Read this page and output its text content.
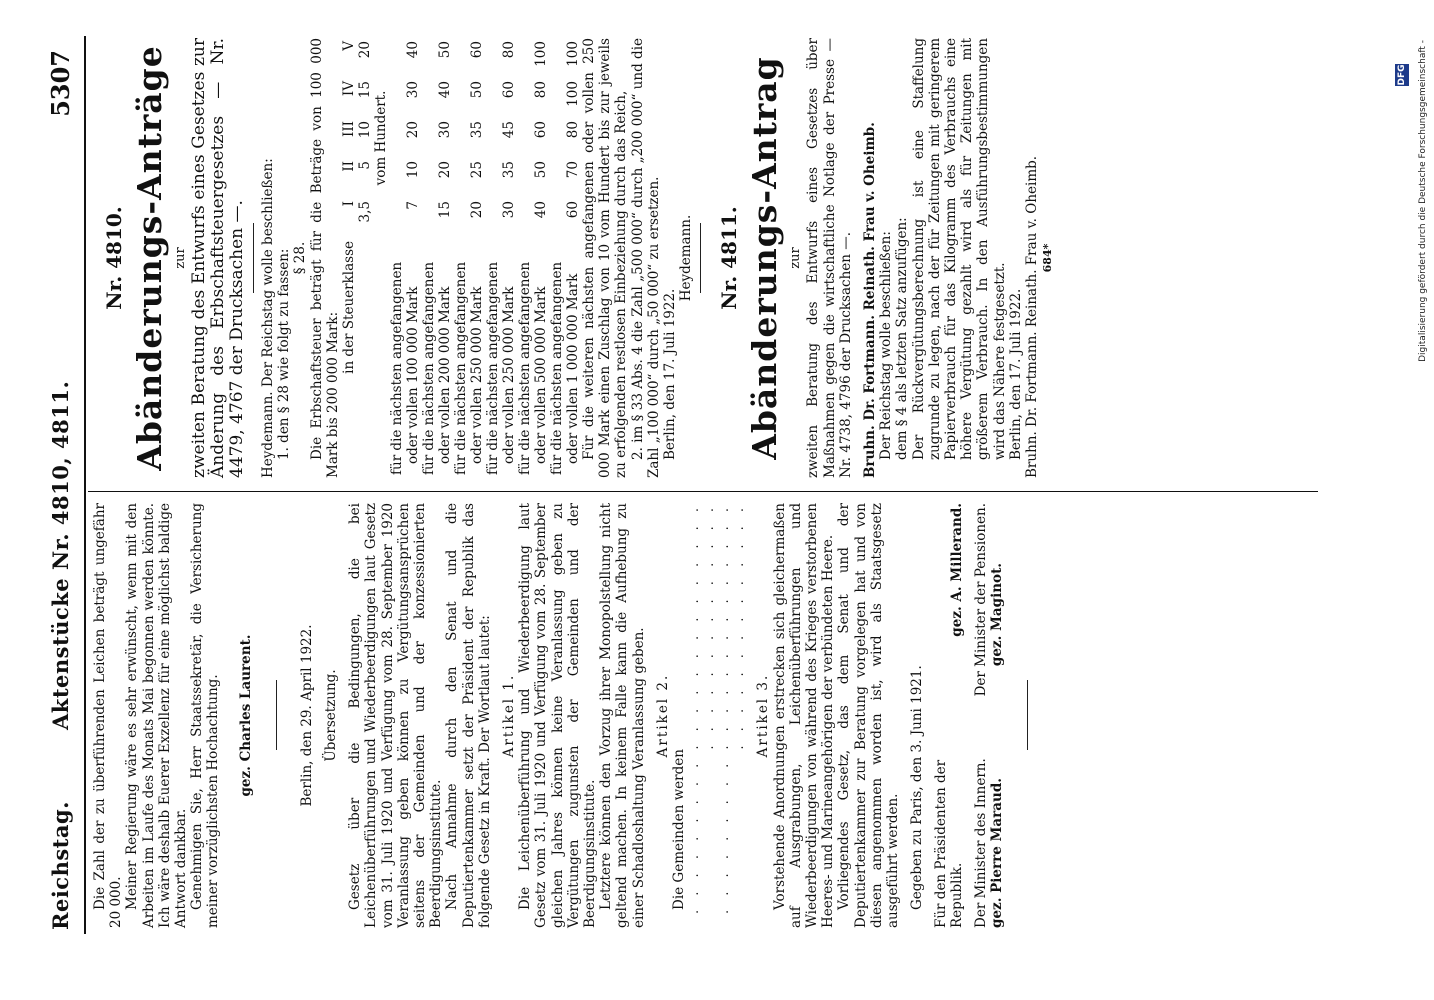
Reichstag.
Aktenstücke Nr. 4810, 4811.
5307

Die Zahl der zu überführenden Leichen beträgt ungefähr 20 000. Meiner Regierung wäre es sehr erwünscht, wenn mit den Arbeiten im Laufe des Monats Mai begonnen werden könnte. Ich wäre deshalb Euerer Exzellenz für eine möglichst baldige Antwort dankbar. Genehmigen Sie, Herr Staatssekretär, die Versicherung meiner vorzüglichsten Hochachtung. gez. Charles Laurent.	Berlin, den 29. April 1922. Übersetzung. Gesetz über die Bedingungen, die bei Leichenüberführungen und Wiederbeerdigungen laut Gesetz vom 31. Juli 1920 und Verfügung vom 28. September 1920 Veranlassung geben können zu Vergütungsansprüchen seitens der Gemeinden und der konzessionierten Beerdigungsinstitute. Nach Annahme durch den Senat und die Deputiertenkammer setzt der Präsident der Republik das folgende Gesetz in Kraft. Der Wortlaut lautet: Artikel 1. Die Leichenüberführung und Wiederbeerdigung laut Gesetz vom 31. Juli 1920 und Verfügung vom 28. September gleichen Jahres können keine Veranlassung geben zu Vergütungen zugunsten der Gemeinden und der Beerdigungsinstitute. Letztere können den Vorzug ihrer Monopolstellung nicht geltend machen. In keinem Falle kann die Aufhebung zu einer Schadloshaltung Veranlassung geben. Artikel 2.

Die Gemeinden werden . . . . . . . . . . . . . . . . . . . . . . . . . . . . . . . . . . . . . . . . . . . . . . . . . . . . . . . . . . . . . . . . . . . . . . . . . . Artikel 3. Vorstehende Anordnungen erstrecken sich gleichermaßen auf Ausgrabungen, Leichenüberführungen und Wiederbeerdigungen von während des Krieges verstorbenen Heeres- und Marineangehörigen der verbündeten Heere. Vorliegendes Gesetz, das dem Senat und der Deputiertenkammer zur Beratung vorgelegen hat und von diesen angenommen worden ist, wird als Staatsgesetz ausgeführt werden. Gegeben zu Paris, den 3. Juni 1921. Für den Präsidenten der Republik.
gez. A. Millerand.
Der Minister des Innern.
Der Minister der Pensionen.
gez. Pierre Maraud.
gez. Maginot.
Nr. 4810. Abänderungs-Anträge zur zweiten Beratung des Entwurfs eines Gesetzes zur Änderung des Erbschaftsteuergesetzes — Nr. 4479, 4767 der Drucksachen —. Heydemann. Der Reichstag wolle beschließen: 1. den § 28 wie folgt zu fassen: § 28. Die Erbschaftsteuer beträgt für die Beträge von 100 000 Mark bis 200 000 Mark:

in der Steuerklasse	I	II	III	IV	V
	3,5	5	10	15	20
	vom Hundert.				
für die nächsten angefangenen					
oder vollen 100 000 Mark	7	10	20	30	40
für die nächsten angefangenen					
oder vollen 200 000 Mark	15	20	30	40	50
für die nächsten angefangenen					
oder vollen 250 000 Mark	20	25	35	50	60
für die nächsten angefangenen					
oder vollen 250 000 Mark	30	35	45	60	80
für die nächsten angefangenen					
oder vollen 500 000 Mark	40	50	60	80	100
für die nächsten angefangenen					
oder vollen 1 000 000 Mark	60	70	80	100	100 Für die weiteren nächsten angefangenen oder vollen 250 000 Mark einen Zuschlag von 10 vom Hundert bis zur jeweils zu erfolgenden restlosen Einbeziehung durch das Reich, 2. im § 33 Abs. 4 die Zahl „500 000“ durch „200 000“ und die Zahl „100 000“ durch „50 000“ zu ersetzen. Berlin, den 17. Juli 1922.

Heydemann. Nr. 4811. Abänderungs-Antrag zur zweiten Beratung des Entwurfs eines Gesetzes über Maßnahmen gegen die wirtschaftliche Notlage der Presse — Nr. 4738, 4796 der Drucksachen —. Bruhn. Dr. Fortmann. Reinath. Frau v. Oheimb. Der Reichstag wolle beschließen: dem § 4 als letzten Satz anzufügen: Der Rückvergütungsberechnung ist eine Staffelung zugrunde zu legen, nach der für Zeitungen mit geringerem Papierverbrauch für das Kilogramm des Verbrauchs eine höhere Vergütung gezahlt wird als für Zeitungen mit größerem Verbrauch. In den Ausführungsbestimmungen wird das Nähere festgesetzt. Berlin, den 17. Juli 1922. Bruhn. Dr. Fortmann. Reinath. Frau v. Oheimb. 684*	Digitalisierung gefördert durch die Deutsche Forschungsgemeinschaft -
DFG
